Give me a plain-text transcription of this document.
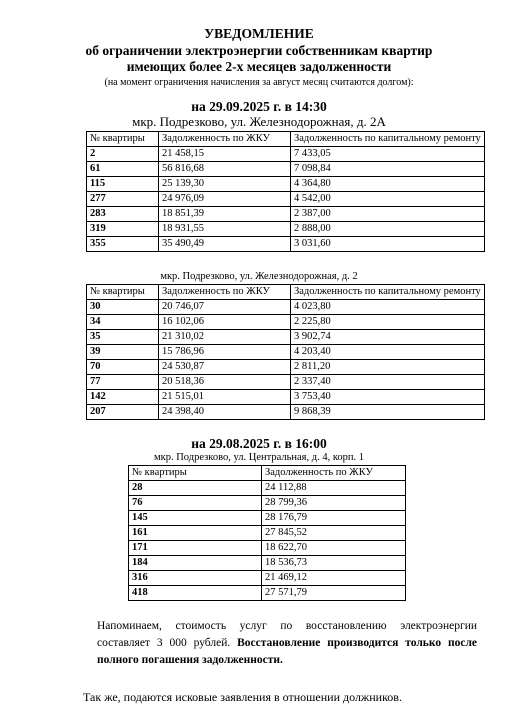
УВЕДОМЛЕНИЕ
об ограничении электроэнергии собственникам квартир
имеющих более 2-х месяцев задолженности
(на момент ограничения начисления за август месяц считаются долгом):
на 29.09.2025 г. в 14:30
мкр. Подрезково, ул. Железнодорожная, д. 2А
№ квартиры	Задолженность по ЖКУ	Задолженность по капитальному ремонту
2	21 458,15	7 433,05
61	56 816,68	7 098,84
115	25 139,30	4 364,80
277	24 976,09	4 542,00
283	18 851,39	2 387,00
319	18 931,55	2 888,00
355	35 490,49	3 031,60
мкр. Подрезково, ул. Железнодорожная, д. 2
№ квартиры	Задолженность по ЖКУ	Задолженность по капитальному ремонту
30	20 746,07	4 023,80
34	16 102,06	2 225,80
35	21 310,02	3 902,74
39	15 786,96	4 203,40
70	24 530,87	2 811,20
77	20 518,36	2 337,40
142	21 515,01	3 753,40
207	24 398,40	9 868,39
на 29.08.2025 г. в 16:00
мкр. Подрезково, ул. Центральная, д. 4, корп. 1
№ квартиры	Задолженность по ЖКУ
28	24 112,88
76	28 799,36
145	28 176,79
161	27 845,52
171	18 622,70
184	18 536,73
316	21 469,12
418	27 571,79
Напоминаем, стоимость услуг по восстановлению электроэнергии составляет 3 000 рублей. Восстановление производится только после полного погашения задолженности.
Так же, подаются исковые заявления в отношении должников.
